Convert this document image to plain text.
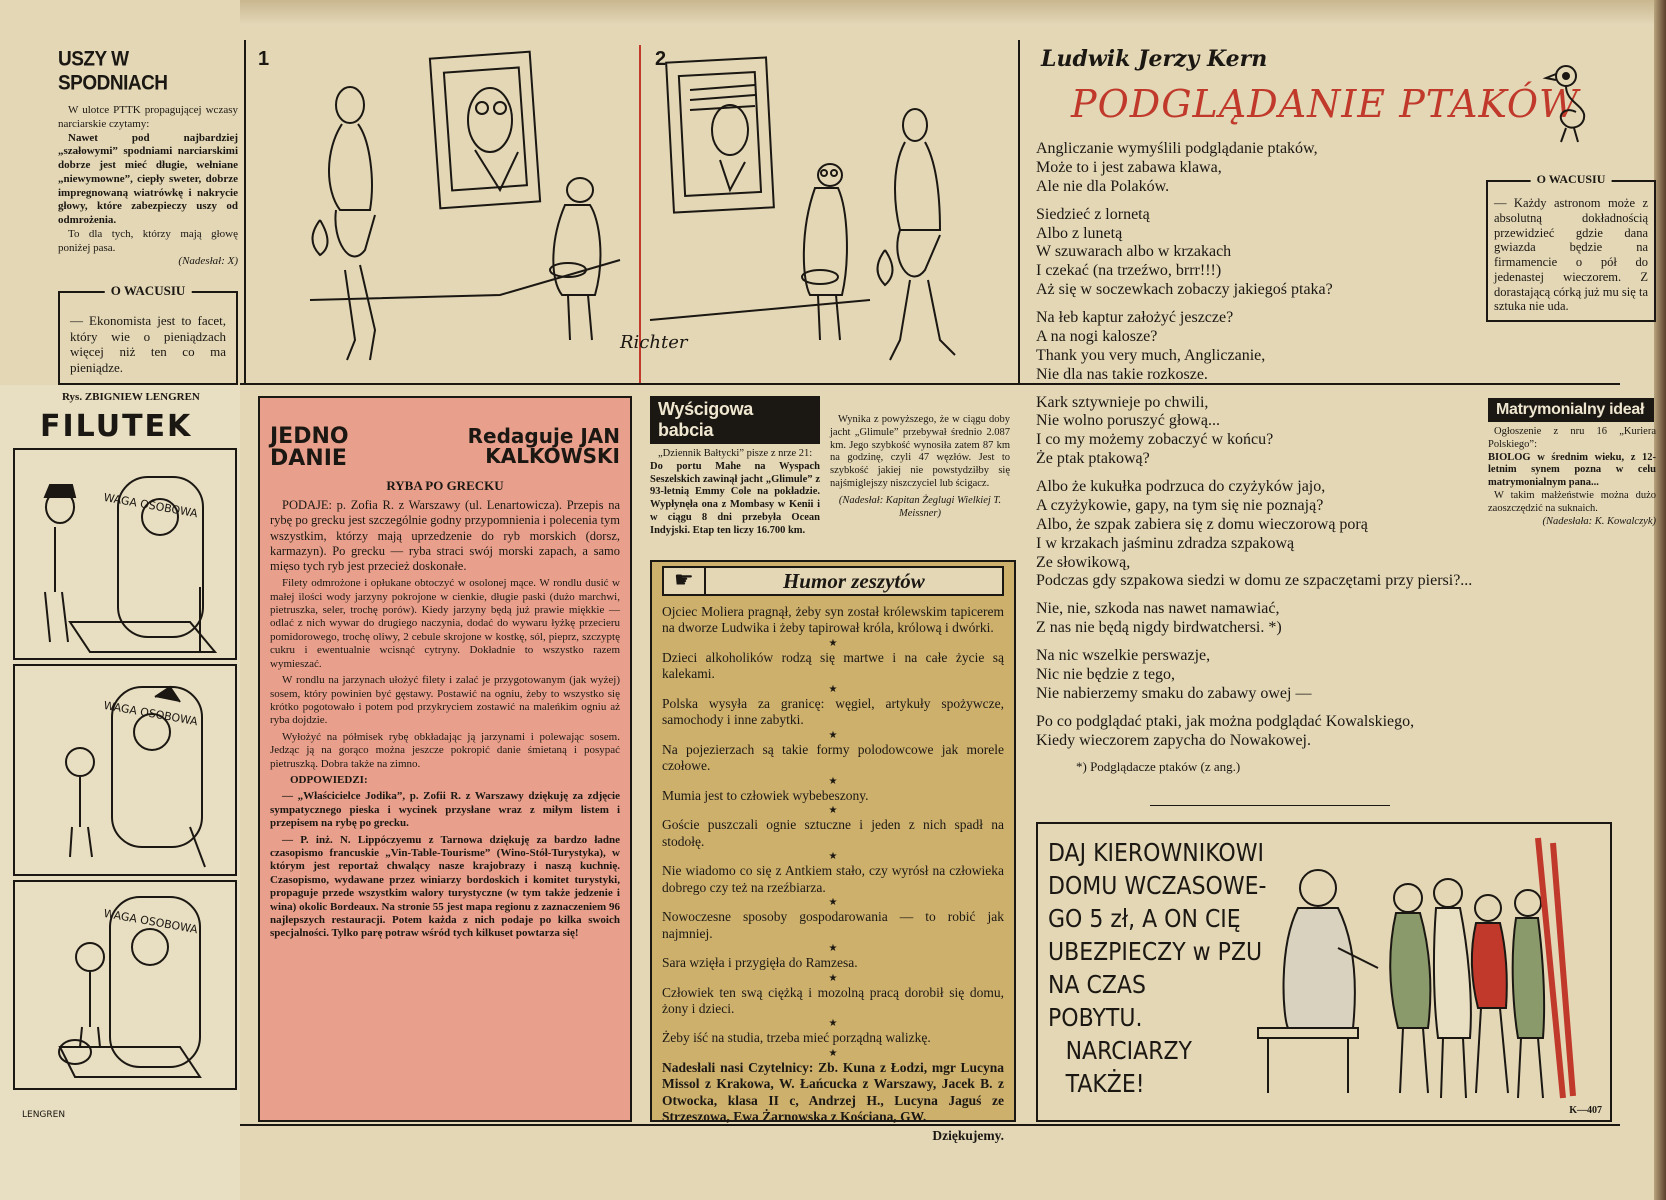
USZY W SPODNIACH
W ulotce PTTK propagującej wczasy narciarskie czytamy:
Nawet pod najbardziej „szałowymi” spodniami narciarskimi dobrze jest mieć długie, wełniane „niewymowne”, ciepły sweter, dobrze impregnowaną wiatrówkę i nakrycie głowy, które zabezpieczy uszy od odmrożenia.
To dla tych, którzy mają głowę poniżej pasa.
(Nadesłał: X)
O WACUSIU
— Ekonomista jest to facet, który wie o pieniądzach więcej niż ten co ma pieniądze.
1	2
Richter
Rys. ZBIGNIEW LENGREN
FILUTEK
WAGA OSOBOWA
WAGA OSOBOWA
WAGA OSOBOWA
LENGREN
JEDNO DANIE
Redaguje JAN KALKOWSKI
RYBA PO GRECKU

PODAJE: p. Zofia R. z Warszawy (ul. Lenartowicza). Przepis na rybę po grecku jest szczególnie godny przypomnienia i polecenia tym wszystkim, którzy mają uprzedzenie do ryb morskich (dorsz, karmazyn). Po grecku — ryba straci swój morski zapach, a samo mięso tych ryb jest przecież doskonałe.

Filety odmrożone i opłukane obtoczyć w osolonej mące. W rondlu dusić w małej ilości wody jarzyny pokrojone w cienkie, długie paski (dużo marchwi, pietruszka, seler, trochę porów). Kiedy jarzyny będą już prawie miękkie — odlać z nich wywar do drugiego naczynia, dodać do wywaru łyżkę przecieru pomidorowego, trochę oliwy, 2 cebule skrojone w kostkę, sól, pieprz, szczyptę cukru i ewentualnie wcisnąć cytryny. Dokładnie to wszystko razem wymieszać.

W rondlu na jarzynach ułożyć filety i zalać je przygotowanym (jak wyżej) sosem, który powinien być gęstawy. Postawić na ogniu, żeby to wszystko się krótko pogotowało i potem pod przykryciem zostawić na maleńkim ogniu aż ryba dojdzie.

Wyłożyć na półmisek rybę obkładając ją jarzynami i polewając sosem. Jedząc ją na gorąco można jeszcze pokropić danie śmietaną i posypać pietruszką. Dobra także na zimno.

ODPOWIEDZI:

— „Właścicielce Jodika”, p. Zofii R. z Warszawy dziękuję za zdjęcie sympatycznego pieska i wycinek przysłane wraz z miłym listem i przepisem na rybę po grecku.

— P. inż. N. Lippóczyemu z Tarnowa dziękuję za bardzo ładne czasopismo francuskie „Vin-Table-Tourisme” (Wino-Stół-Turystyka), w którym jest reportaż chwalący nasze krajobrazy i naszą kuchnię. Czasopismo, wydawane przez winiarzy bordoskich i komitet turystyki, propaguje przede wszystkim walory turystyczne (w tym także jedzenie i wina) okolic Bordeaux. Na stronie 55 jest mapa regionu z zaznaczeniem 96 najlepszych restauracji. Potem każda z nich podaje po kilka swoich specjalności. Tylko parę potraw wśród tych kilkuset powtarza się!

Wyścigowa babcia
„Dziennik Bałtycki” pisze z nrze 21:
Do portu Mahe na Wyspach Seszelskich zawinął jacht „Glimule” z 93-letnią Emmy Cole na pokładzie. Wypłynęła ona z Mombasy w Kenii i w ciągu 8 dni przebyła Ocean Indyjski. Etap ten liczy 16.700 km.
Wynika z powyższego, że w ciągu doby jacht „Glimule” przebywał średnio 2.087 km. Jego szybkość wynosiła zatem 87 km na godzinę, czyli 47 węzłów. Jest to szybkość jakiej nie powstydziłby się najśmiglejszy niszczyciel lub ścigacz.
(Nadesłał: Kapitan Żeglugi Wielkiej T. Meissner)
☛	Humor zeszytów

Ojciec Moliera pragnął, żeby syn został królewskim tapicerem na dworze Ludwika i żeby tapirował króla, królową i dwórki.

★

Dzieci alkoholików rodzą się martwe i na całe życie są kalekami.

★

Polska wysyła za granicę: węgiel, artykuły spożywcze, samochody i inne zabytki.

★

Na pojezierzach są takie formy polodowcowe jak morele czołowe.

★

Mumia jest to człowiek wybebeszony.

★

Goście puszczali ognie sztuczne i jeden z nich spadł na stodołę.

★

Nie wiadomo co się z Antkiem stało, czy wyrósł na człowieka dobrego czy też na rzeźbiarza.

★

Nowoczesne sposoby gospodarowania — to robić jak najmniej.

★

Sara wzięła i przygięła do Ramzesa.

★

Człowiek ten swą ciężką i mozolną pracą dorobił się domu, żony i dzieci.

★

Żeby iść na studia, trzeba mieć porządną walizkę.

★

Nadesłali nasi Czytelnicy: Zb. Kuna z Łodzi, mgr Lucyna Missol z Krakowa, W. Łańcucka z Warszawy, Jacek B. z Otwocka, klasa II c, Andrzej H., Lucyna Jaguś ze Strzeszowa, Ewa Żarnowska z Kościana, GW.

Dziękujemy.

Ludwik Jerzy Kern
PODGLĄDANIE PTAKÓW

Angliczanie wymyślili podglądanie ptaków,
Może to i jest zabawa klawa,
Ale nie dla Polaków.

Siedzieć z lornetą
Albo z lunetą
W szuwarach albo w krzakach
I czekać (na trzeźwo, brrr!!!)
Aż się w soczewkach zobaczy jakiegoś ptaka?

Na łeb kaptur założyć jeszcze?
A na nogi kalosze?
Thank you very much, Angliczanie,
Nie dla nas takie rozkosze.

Kark sztywnieje po chwili,
Nie wolno poruszyć głową...
I co my możemy zobaczyć w końcu?
Że ptak ptakową?

Albo że kukułka podrzuca do czyżyków jajo,
A czyżykowie, gapy, na tym się nie poznają?
Albo, że szpak zabiera się z domu wieczorową porą
I w krzakach jaśminu zdradza szpakową
Ze słowikową,
Podczas gdy szpakowa siedzi w domu ze szpaczętami przy piersi?...

Nie, nie, szkoda nas nawet namawiać,
Z nas nie będą nigdy birdwatchersi. *)

Na nic wszelkie perswazje,
Nic nie będzie z tego,
Nie nabierzemy smaku do zabawy owej —

Po co podglądać ptaki, jak można podglądać Kowalskiego,
Kiedy wieczorem zapycha do Nowakowej.

*) Podglądacze ptaków (z ang.)
O WACUSIU
— Każdy astronom może z absolutną dokładnością przewidzieć gdzie dana gwiazda będzie na firmamencie o pół do jedenastej wieczorem. Z dorastającą córką już mu się ta sztuka nie uda.
Matrymonialny ideał
Ogłoszenie z nru 16 „Kuriera Polskiego”:
BIOLOG w średnim wieku, z 12-letnim synem pozna w celu matrymonialnym pana...
W takim małżeństwie można dużo zaoszczędzić na suknaich.
(Nadesłała: K. Kowalczyk)
DAJ KIEROWNIKOWI
DOMU WCZASOWE-
GO 5 zł, A ON CIĘ
UBEZPIECZY w PZU
NA CZAS
POBYTU.
NARCIARZY
TAKŻE!
K—407
